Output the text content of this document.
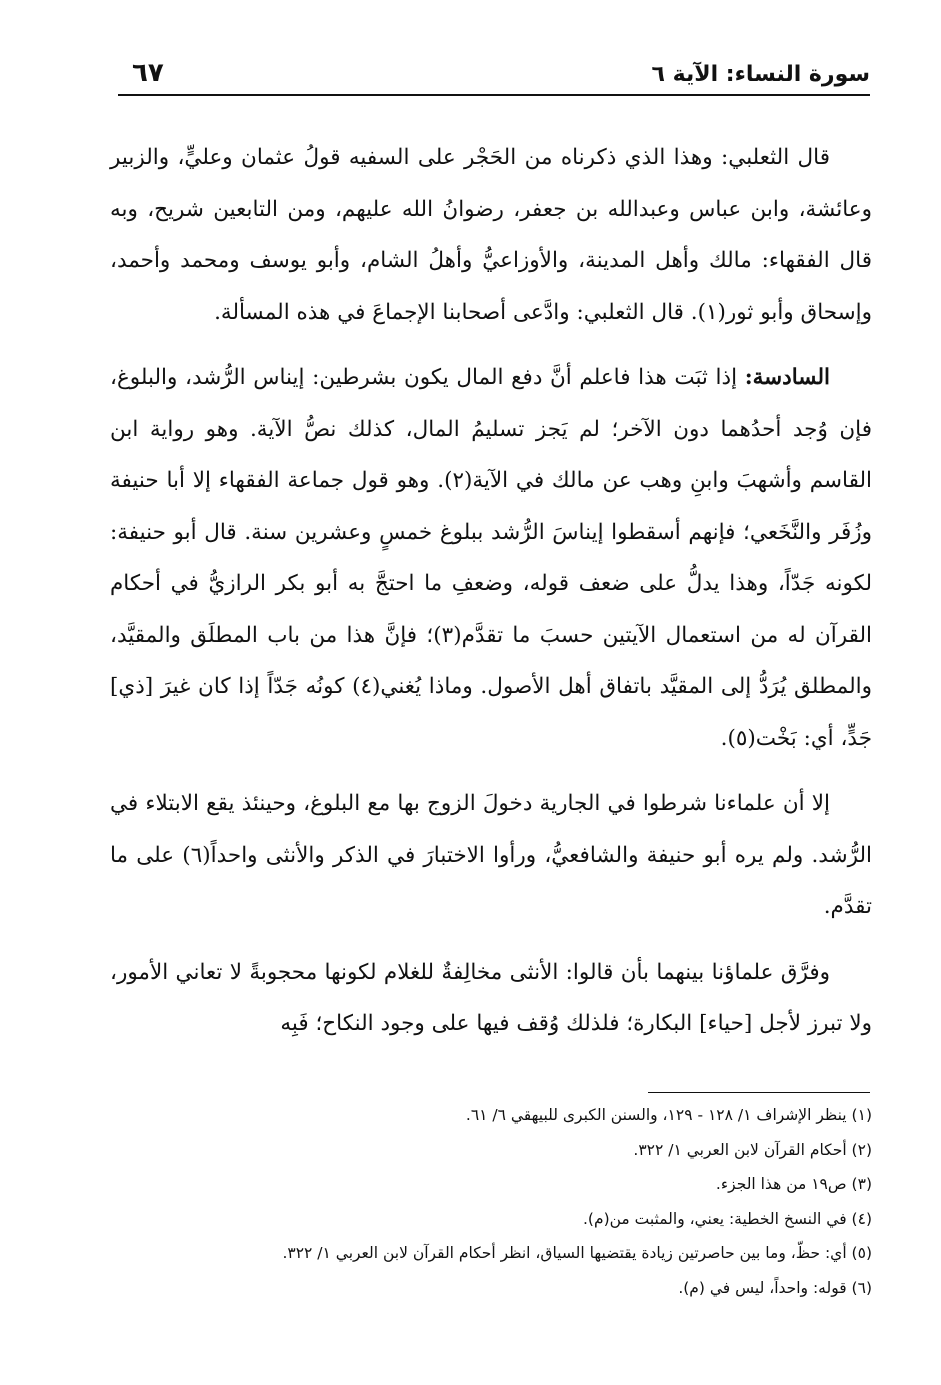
سورة النساء: الآية ٦
٦٧

قال الثعلبي: وهذا الذي ذكرناه من الحَجْر على السفيه قولُ عثمان وعليٍّ، والزبير وعائشة، وابن عباس وعبدالله بن جعفر، رضوانُ الله عليهم، ومن التابعين شريح، وبه قال الفقهاء: مالك وأهل المدينة، والأوزاعيُّ وأهلُ الشام، وأبو يوسف ومحمد وأحمد، وإسحاق وأبو ثور(١). قال الثعلبي: وادَّعى أصحابنا الإجماعَ في هذه المسألة.

السادسة: إذا ثبَت هذا فاعلم أنَّ دفع المال يكون بشرطين: إيناس الرُّشد، والبلوغ، فإن وُجد أحدُهما دون الآخر؛ لم يَجز تسليمُ المال، كذلك نصُّ الآية. وهو رواية ابن القاسم وأشهبَ وابنِ وهب عن مالك في الآية(٢). وهو قول جماعة الفقهاء إلا أبا حنيفة وزُفَر والنَّخَعي؛ فإنهم أسقطوا إيناسَ الرُّشد ببلوغ خمسٍ وعشرين سنة. قال أبو حنيفة: لكونه جَدّاً، وهذا يدلُّ على ضعف قوله، وضعفِ ما احتجَّ به أبو بكر الرازيُّ في أحكام القرآن له من استعمال الآيتين حسبَ ما تقدَّم(٣)؛ فإنَّ هذا من باب المطلَق والمقيَّد، والمطلق يُرَدُّ إلى المقيَّد باتفاق أهل الأصول. وماذا يُغني(٤) كونُه جَدّاً إذا كان غيرَ [ذي] جَدٍّ، أي: بَخْت(٥).

إلا أن علماءنا شرطوا في الجارية دخولَ الزوج بها مع البلوغ، وحينئذ يقع الابتلاء في الرُّشد. ولم يره أبو حنيفة والشافعيُّ، ورأوا الاختبارَ في الذكر والأنثى واحداً(٦) على ما تقدَّم.

وفرَّق علماؤنا بينهما بأن قالوا: الأنثى مخالِفةٌ للغلام لكونها محجوبةً لا تعاني الأمور، ولا تبرز لأجل [حياء] البكارة؛ فلذلك وُقف فيها على وجود النكاح؛ فَبِه

(١) ينظر الإشراف ١/ ١٢٨ - ١٢٩، والسنن الكبرى للبيهقي ٦/ ٦١.
(٢) أحكام القرآن لابن العربي ١/ ٣٢٢.
(٣) ص١٩ من هذا الجزء.
(٤) في النسخ الخطية: يعني، والمثبت من(م).
(٥) أي: حظّ، وما بين حاصرتين زيادة يقتضيها السياق، انظر أحكام القرآن لابن العربي ١/ ٣٢٢.
(٦) قوله: واحداً، ليس في (م).
